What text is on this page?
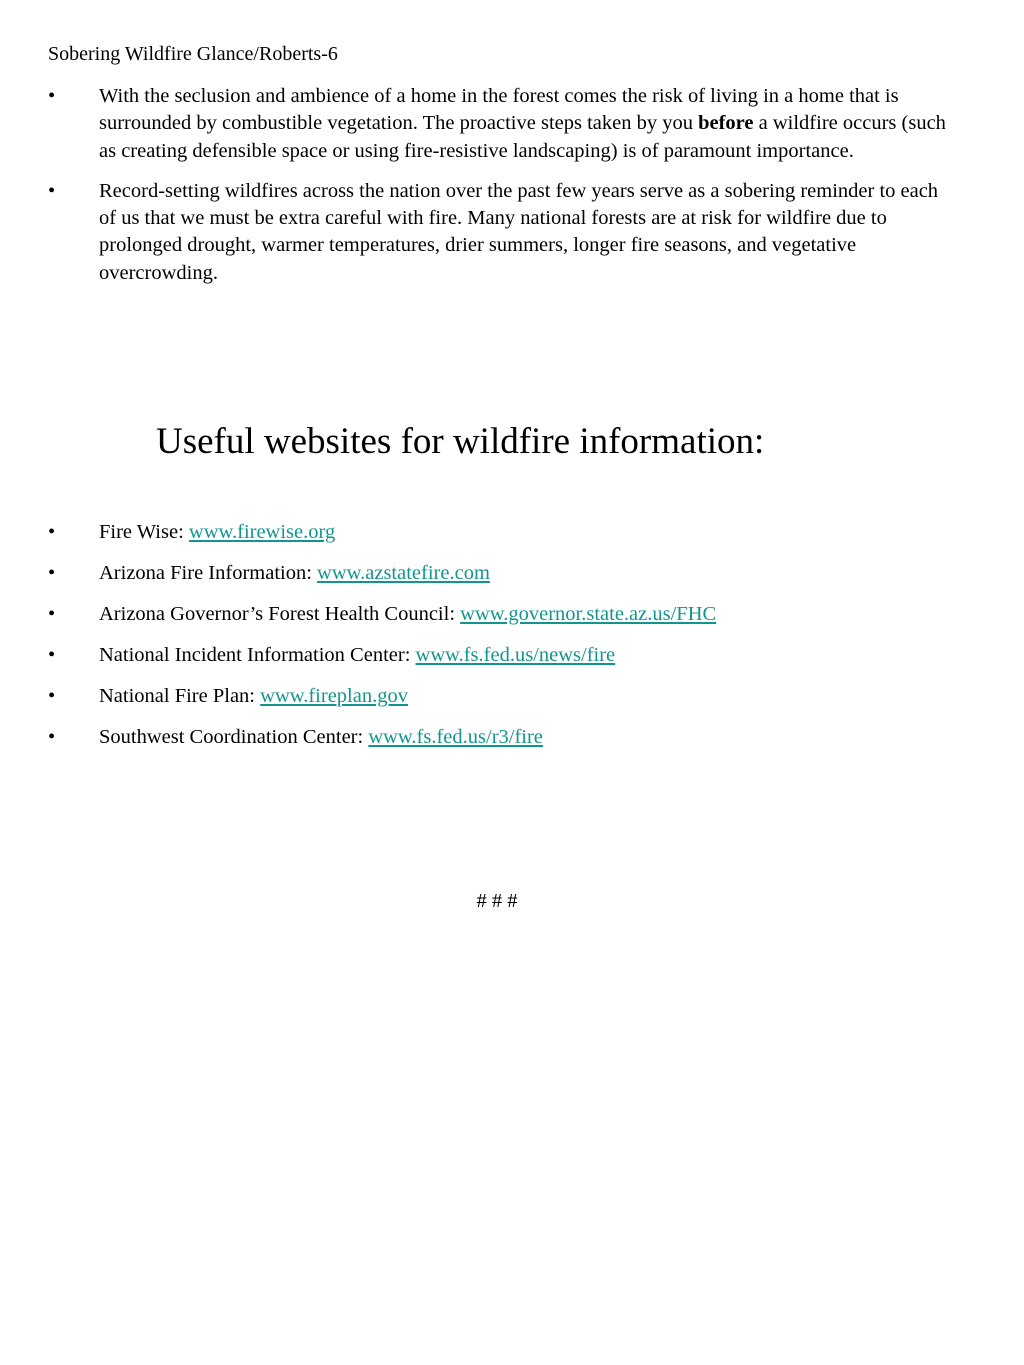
Sobering Wildfire Glance/Roberts-6
• With the seclusion and ambience of a home in the forest comes the risk of living in a home that is surrounded by combustible vegetation. The proactive steps taken by you before a wildfire occurs (such as creating defensible space or using fire-resistive landscaping) is of paramount importance.
• Record-setting wildfires across the nation over the past few years serve as a sobering reminder to each of us that we must be extra careful with fire. Many national forests are at risk for wildfire due to prolonged drought, warmer temperatures, drier summers, longer fire seasons, and vegetative overcrowding.
Useful websites for wildfire information:
• Fire Wise: www.firewise.org
• Arizona Fire Information: www.azstatefire.com
• Arizona Governor’s Forest Health Council: www.governor.state.az.us/FHC
• National Incident Information Center: www.fs.fed.us/news/fire
• National Fire Plan: www.fireplan.gov
• Southwest Coordination Center: www.fs.fed.us/r3/fire
# # #
